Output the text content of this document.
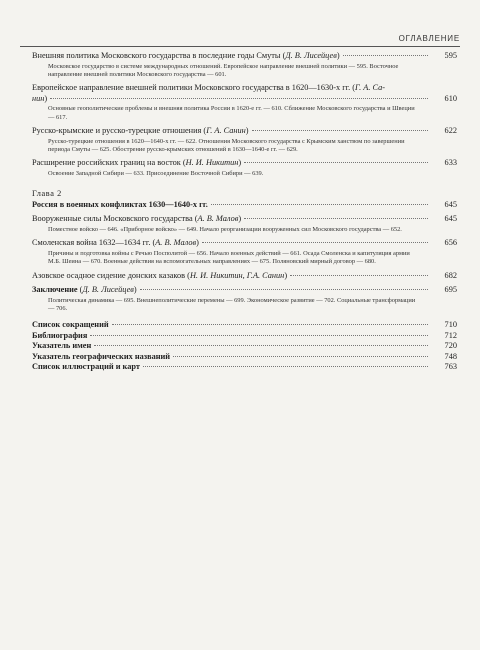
ОГЛАВЛЕНИЕ
Внешняя политика Московского государства в последние годы Смуты (Д. В. Лисейцев)	595
Московское государство в системе международных отношений. Европейское направление внешней политики — 595. Восточное направление внешней политики Московского государства — 601.
Европейское направление внешней политики Московского государства в 1620—1630-х гг. (Г. А. Са-
нин)	610
Основные геополитические проблемы и внешняя политика России в 1620-е гг. — 610. Сближение Московского государства и Швеции — 617.
Русско-крымские и русско-турецкие отношения (Г. А. Санин)	622
Русско-турецкие отношения в 1620—1640-х гг. — 622. Отношения Московского государства с Крымским ханством по завершении периода Смуты — 625. Обострение русско-крымских отношений в 1630—1640-е гг. — 629.
Расширение российских границ на восток (Н. И. Никитин)	633
Освоение Западной Сибири — 633. Присоединение Восточной Сибири — 639.
Глава 2
Россия в военных конфликтах 1630—1640-х гг.	645
Вооруженные силы Московского государства (А. В. Малов)	645
Поместное войско — 646. «Приборное войско» — 649. Начало реорганизации вооруженных сил Московского государства — 652.
Смоленская война 1632—1634 гг. (А. В. Малов)	656
Причины и подготовка войны с Речью Посполитой — 656. Начало военных действий — 661. Осада Смоленска и капитуляция армии М.Б. Шеина — 670. Военные действия на вспомогательных направлениях — 675. Поляновский мирный договор — 680.
Азовское осадное сидение донских казаков (Н. И. Никитин, Г.А. Санин)	682
Заключение (Д. В. Лисейцев)	695
Политическая динамика — 695. Внешнеполитические перемены — 699. Экономическое развитие — 702. Социальные трансформации — 706.
Список сокращений	710
Библиография	712
Указатель имен	720
Указатель географических названий	748
Список иллюстраций и карт	763
